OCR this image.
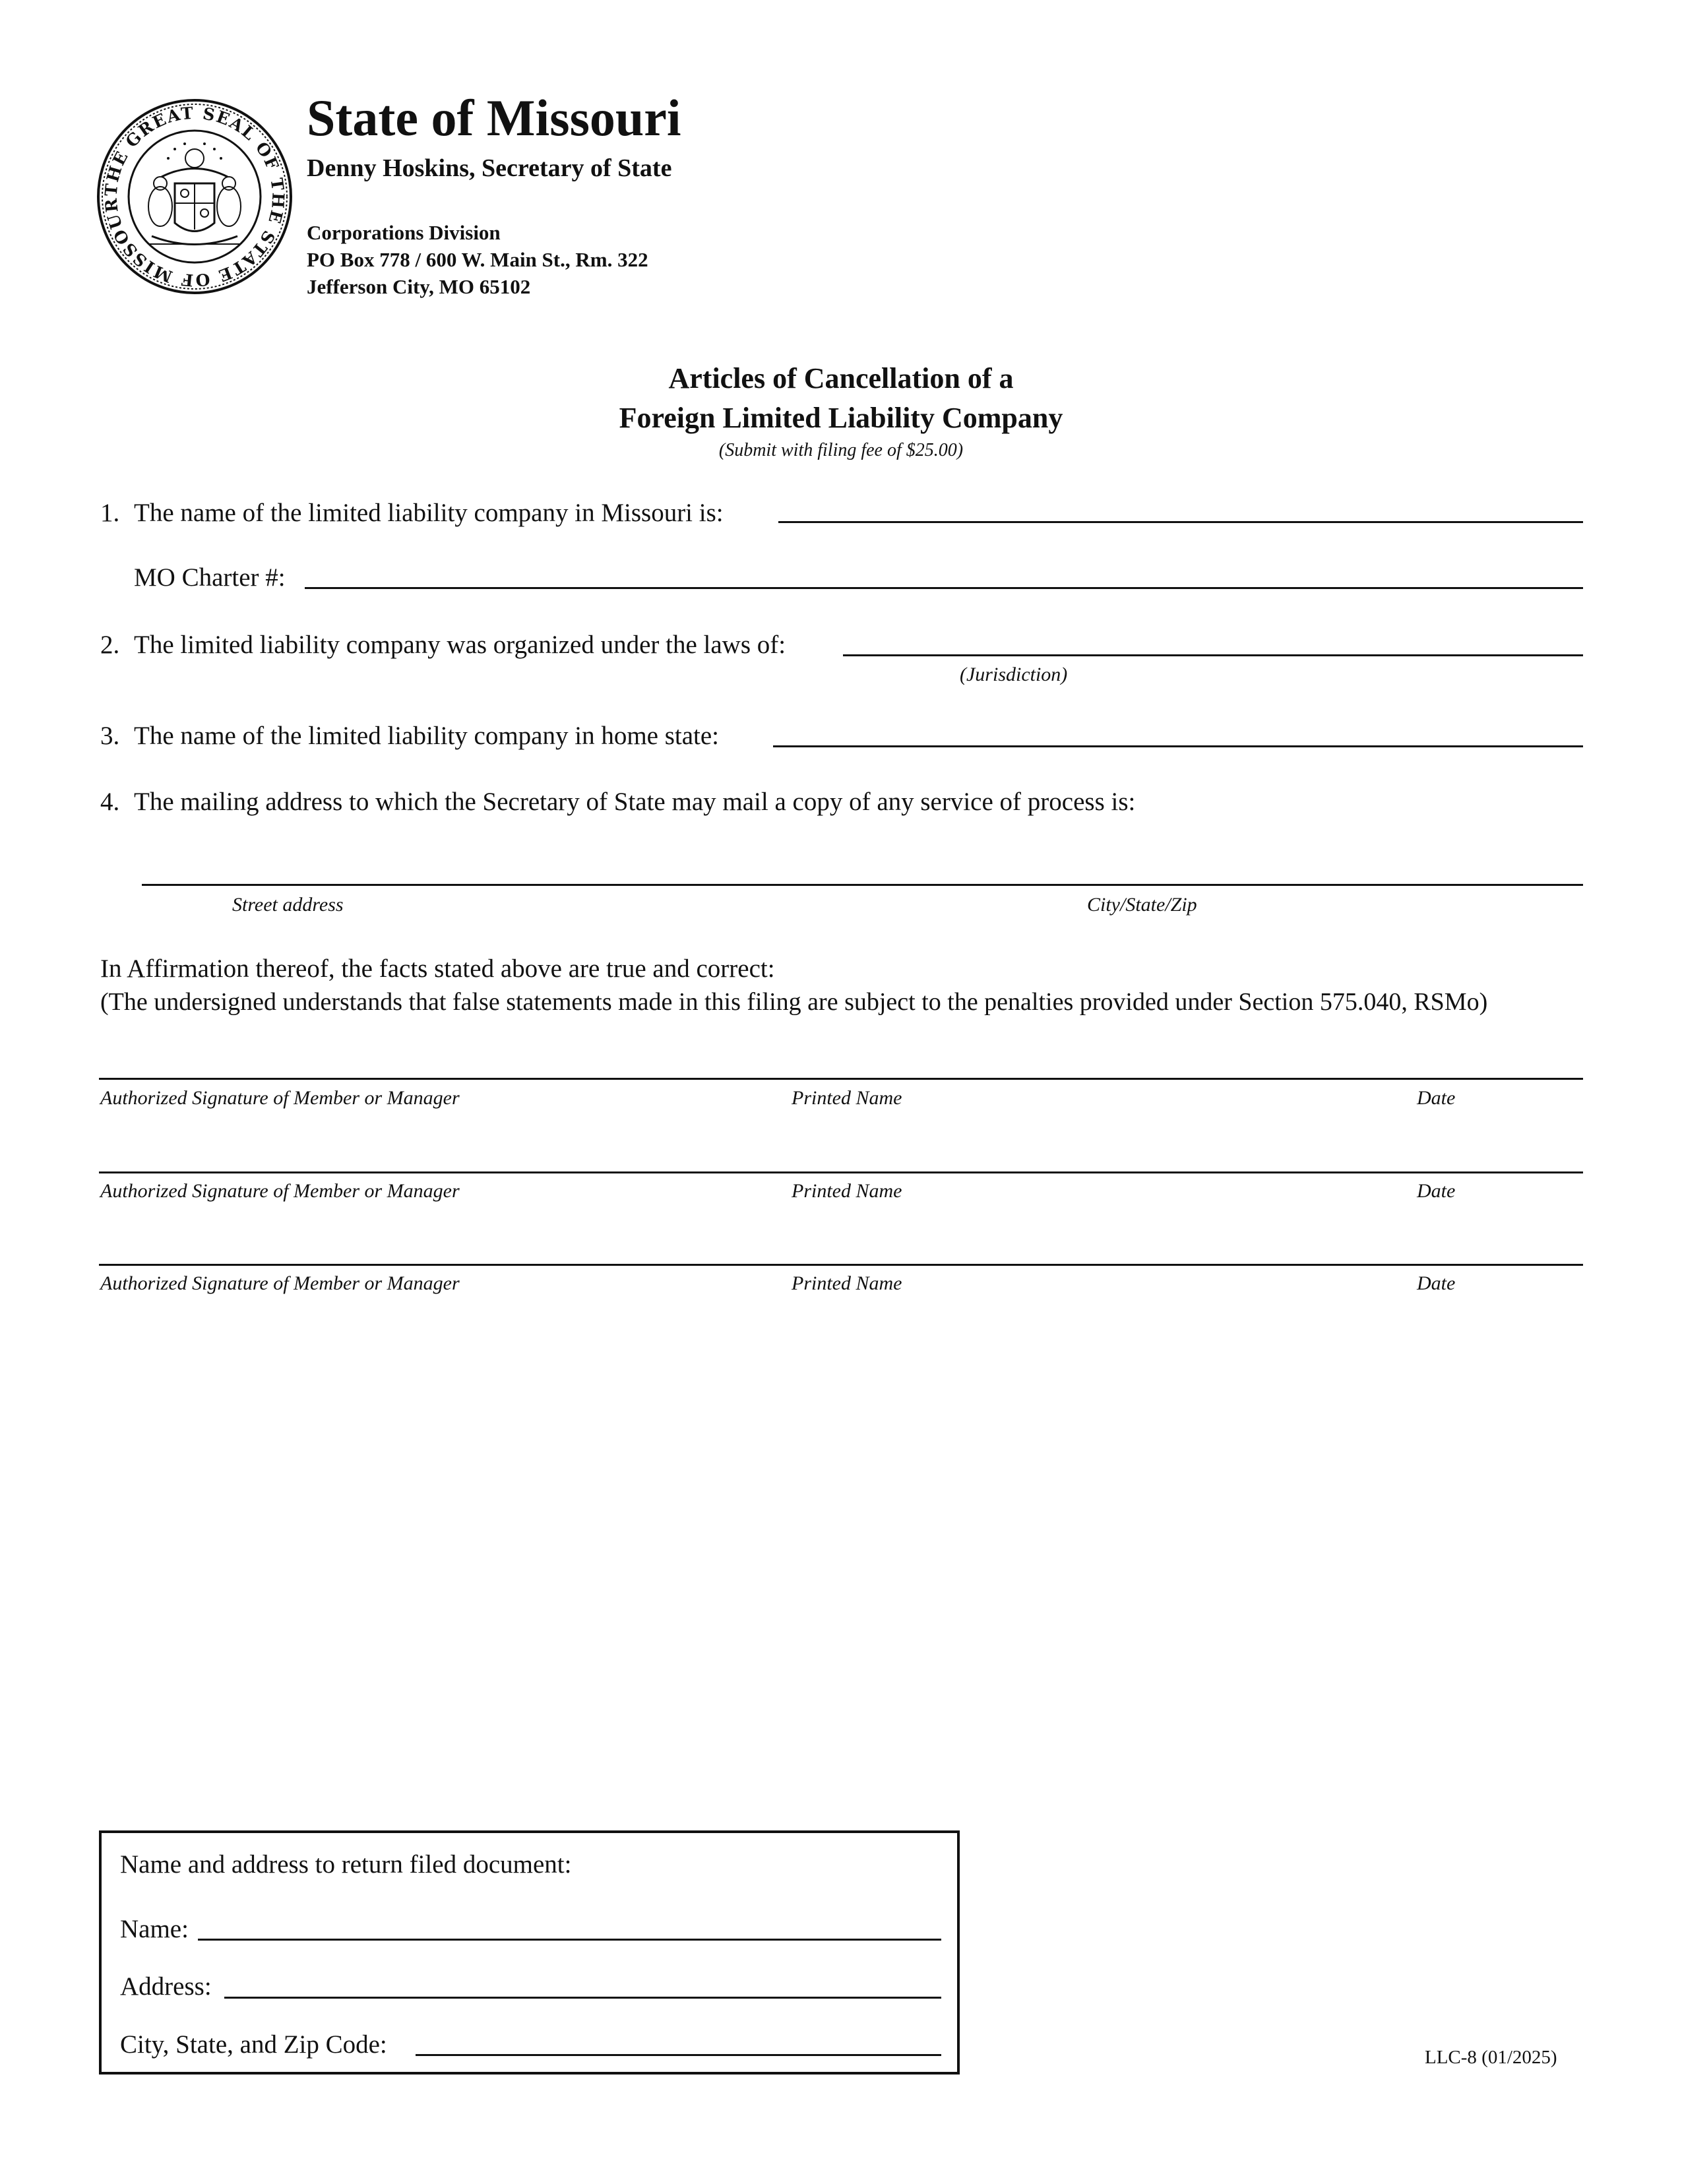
THE GREAT SEAL OF THE STATE OF MISSOUR
State of Missouri
Denny Hoskins, Secretary of State
Corporations Division
PO Box 778 / 600 W. Main St., Rm. 322
Jefferson City, MO 65102
Articles of Cancellation of a
Foreign Limited Liability Company
(Submit with filing fee of $25.00)
1. The name of the limited liability company in Missouri is:
MO Charter #:
2. The limited liability company was organized under the laws of:
(Jurisdiction)
3. The name of the limited liability company in home state:
4. The mailing address to which the Secretary of State may mail a copy of any service of process is:
Street address	City/State/Zip
In Affirmation thereof, the facts stated above are true and correct:
(The undersigned understands that false statements made in this filing are subject to the penalties provided under Section 575.040, RSMo)
Authorized Signature of Member or Manager	Printed Name	Date
Authorized Signature of Member or Manager	Printed Name	Date
Authorized Signature of Member or Manager	Printed Name	Date
Name and address to return filed document:
Name:
Address:
City, State, and Zip Code:	LLC-8 (01/2025)
